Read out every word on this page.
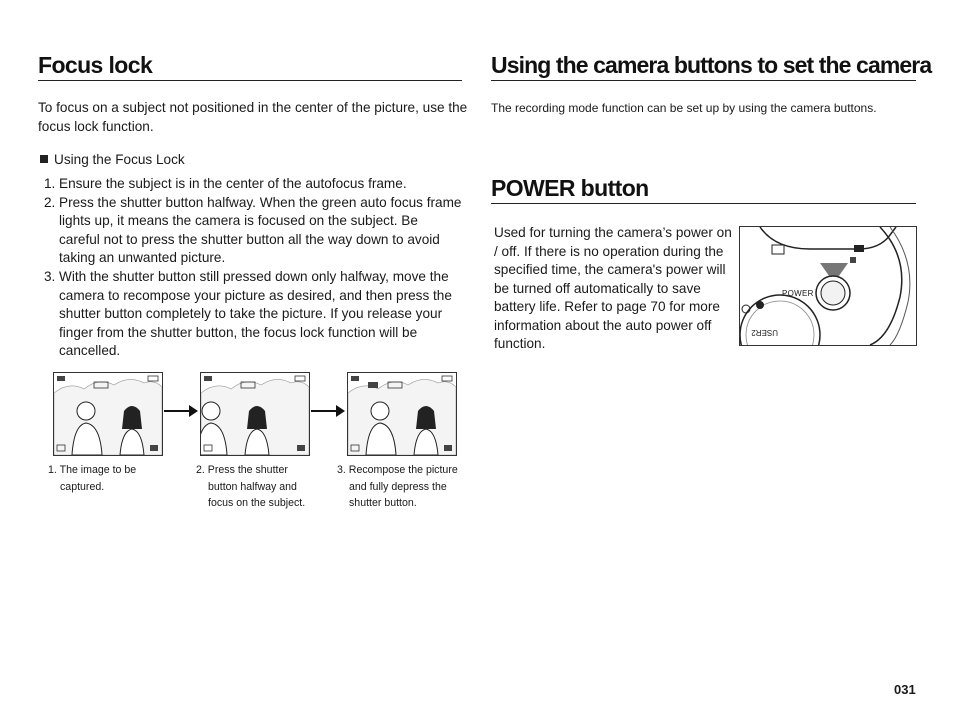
Focus lock

To focus on a subject not positioned in the center of the picture, use the focus lock function.

Using the Focus Lock
1. Ensure the subject is in the center of the autofocus frame.
2. Press the shutter button halfway. When the green auto focus frame lights up, it means the camera is focused on the subject. Be careful not to press the shutter button all the way down to avoid taking an unwanted picture.
3. With the shutter button still pressed down only halfway, move the camera to recompose your picture as desired, and then press the shutter button completely to take the picture. If you release your finger from the shutter button, the focus lock function will be cancelled.
1. The image to be
captured.

2. Press the shutter
button halfway and
focus on the subject.
3. Recompose the picture
and fully depress the
shutter button.
Using the camera buttons to set the camera

The recording mode function can be set up by using the camera buttons.

POWER button

Used for turning the camera’s power on / off. If there is no operation during the specified time, the camera's power will be turned off automatically to save battery life. Refer to page 70 for more information about the auto power off function.

POWER
USER2
031
